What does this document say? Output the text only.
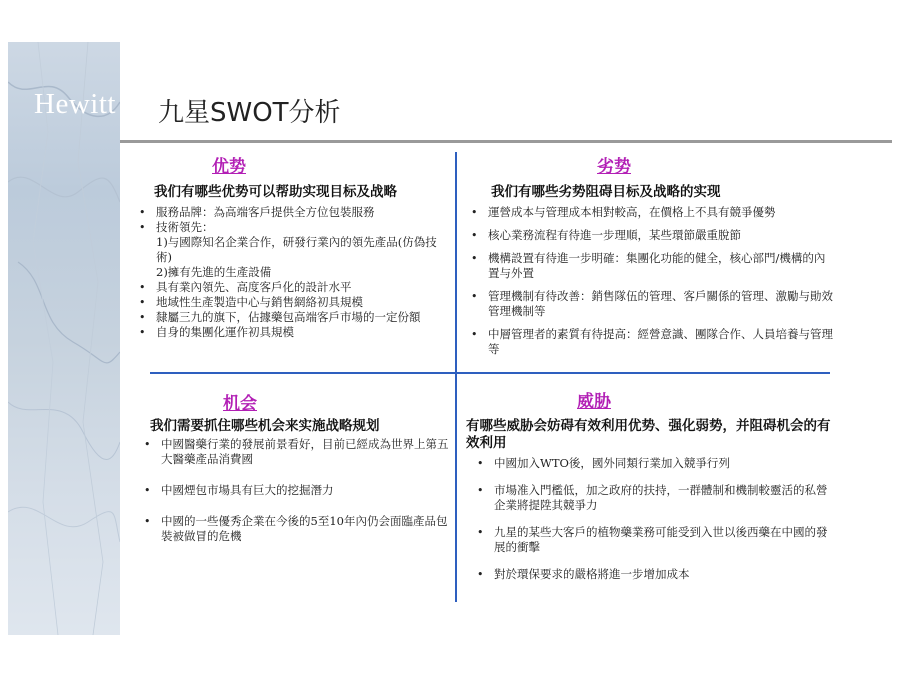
Hewitt 九星SWOT分析
优势
我们有哪些优势可以帮助实现目标及战略
• 服務品牌：為高端客戶提供全方位包裝服務
• 技術領先：
1)与國際知名企業合作，研發行業內的領先產品(仿偽技術)
2)擁有先進的生產設備
• 具有業內領先、高度客戶化的設計水平
• 地域性生產製造中心与銷售網絡初具規模
• 隸屬三九的旗下，佔據藥包高端客戶市場的一定份額
• 自身的集團化運作初具規模
劣势
我们有哪些劣势阻碍目标及战略的实现
• 運營成本与管理成本相對較高，在價格上不具有競爭優勢
• 核心業務流程有待進一步理順，某些環節嚴重脫節
• 機構設置有待進一步明確：集團化功能的健全，核心部門/機構的內置与外置
• 管理機制有待改善：銷售隊伍的管理、客戶關係的管理、激勵与勛效管理機制等
• 中層管理者的素質有待提高：經營意識、團隊合作、人員培養与管理等
机会
我们需要抓住哪些机会来实施战略规划
• 中國醫藥行業的發展前景看好，目前已經成為世界上第五大醫藥產品消費國
• 中國煙包市場具有巨大的挖掘潛力
• 中國的一些優秀企業在今後的5至10年內仍会面臨產品包裝被做冒的危機
威胁
有哪些威胁会妨碍有效利用优势、强化弱势，并阻碍机会的有效利用
• 中國加入WTO後，國外同類行業加入競爭行列
• 市場准入門檻低，加之政府的扶持，一群體制和機制較靈活的私營企業將提陞其競爭力
• 九星的某些大客戶的植物藥業務可能受到入世以後西藥在中國的發展的衝擊
• 對於環保要求的嚴格將進一步增加成本
